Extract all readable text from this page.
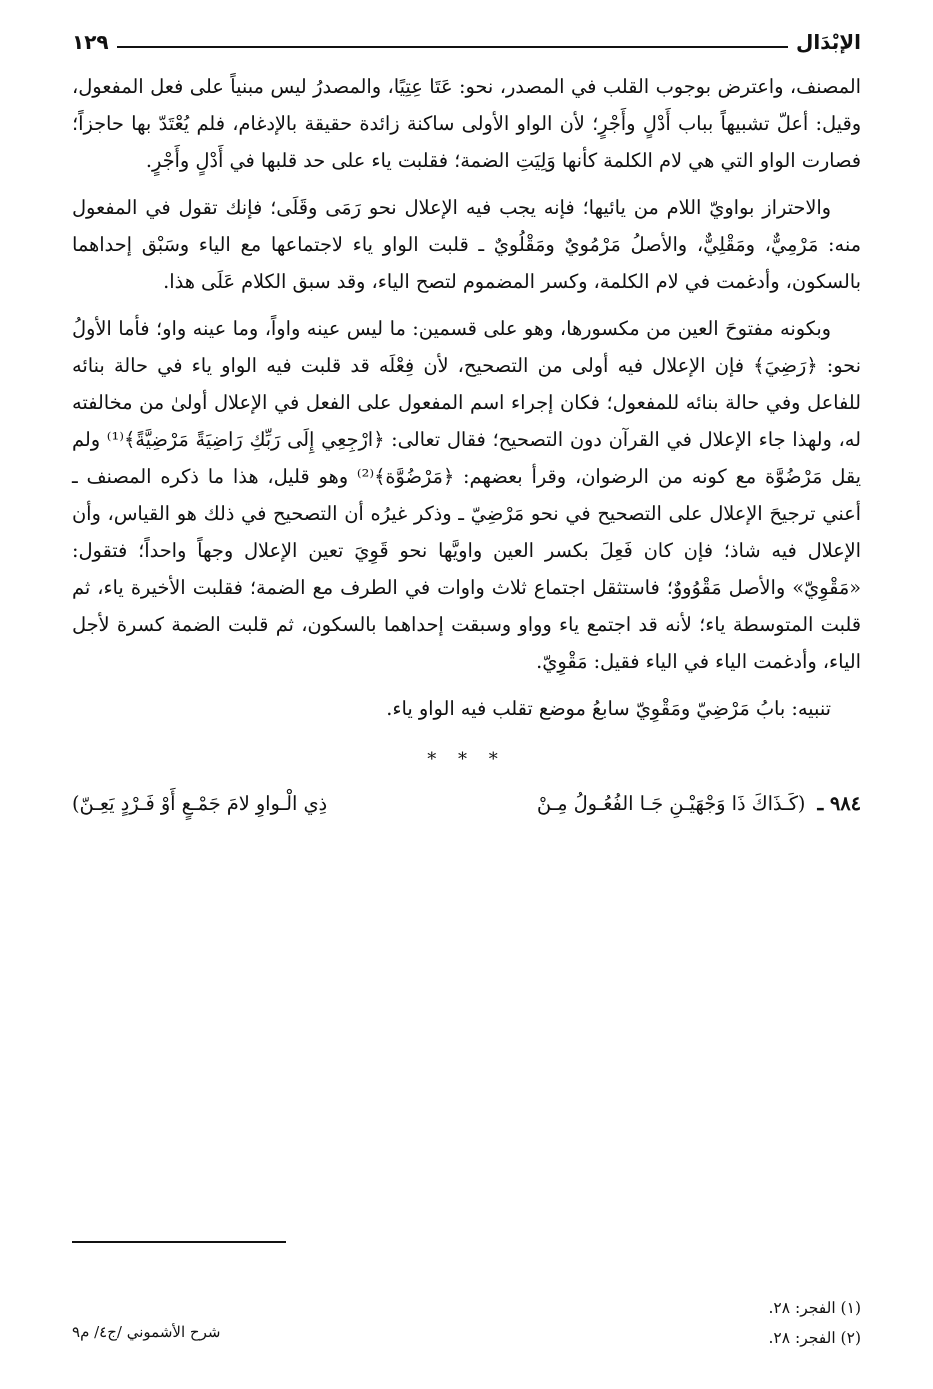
الإبْدَال
١٢٩

المصنف، واعترض بوجوب القلب في المصدر، نحو: عَتَا عِتِيًا، والمصدرُ ليس مبنياً على فعل المفعول، وقيل: أعلّ تشبيهاً بباب أَدْلٍ وأَجْرٍ؛ لأن الواو الأولى ساكنة زائدة حقيقة بالإدغام، فلم يُعْتَدّ بها حاجزاً؛ فصارت الواو التي هي لام الكلمة كأنها وَلِيَتِ الضمة؛ فقلبت ياء على حد قلبها في أَدْلٍ وأَجْرٍ.

والاحتراز بواويّ اللام من يائيها؛ فإنه يجب فيه الإعلال نحو رَمَى وقَلَى؛ فإنك تقول في المفعول منه: مَرْمِيٌّ، ومَقْلِيٌّ، والأصلُ مَرْمُويٌ ومَقْلُويٌ ـ قلبت الواو ياء لاجتماعها مع الياء وسَبْق إحداهما بالسكون، وأدغمت في لام الكلمة، وكسر المضموم لتصح الياء، وقد سبق الكلام عَلَى هذا.

وبكونه مفتوحَ العين من مكسورها، وهو على قسمين: ما ليس عينه واواً، وما عينه واو؛ فأما الأولُ نحو: ﴿رَضِيَ﴾ فإن الإعلال فيه أولى من التصحيح، لأن فِعْلَه قد قلبت فيه الواو ياء في حالة بنائه للفاعل وفي حالة بنائه للمفعول؛ فكان إجراء اسم المفعول على الفعل في الإعلال أولىٰ من مخالفته له، ولهذا جاء الإعلال في القرآن دون التصحيح؛ فقال تعالى: ﴿ارْجِعِي إِلَى رَبِّكِ رَاضِيَةً مَرْضِيَّةً﴾⁽¹⁾ ولم يقل مَرْضُوَّة مع كونه من الرضوان، وقرأ بعضهم: ﴿مَرْضُوَّة﴾⁽²⁾ وهو قليل، هذا ما ذكره المصنف ـ أعني ترجيحَ الإعلال على التصحيح في نحو مَرْضِيّ ـ وذكر غيرُه أن التصحيح في ذلك هو القياس، وأن الإعلال فيه شاذ؛ فإن كان فَعِلَ بكسر العين واويَّها نحو قَوِيَ تعين الإعلال وجهاً واحداً؛ فتقول: «مَقْوِيّ» والأصل مَقْوُووٌ؛ فاستثقل اجتماع ثلاث واوات في الطرف مع الضمة؛ فقلبت الأخيرة ياء، ثم قلبت المتوسطة ياء؛ لأنه قد اجتمع ياء وواو وسبقت إحداهما بالسكون، ثم قلبت الضمة كسرة لأجل الياء، وأدغمت الياء في الياء فقيل: مَقْوِيّ.

تنبيه: بابُ مَرْضِيّ ومَقْوِيّ سابعُ موضع تقلب فيه الواو ياء.

* * *
٩٨٤ ـ (كَـذَاكَ ذَا وَجْهَيْـنِ جَـا الفُعُـولُ مِـنْ
ذِي الْـواوِ لامَ جَمْـعٍ أَوْ فَـرْدٍ يَعِـنّ)

(١) الفجر: ٢٨.

(٢) الفجر: ٢٨.

شرح الأشموني /ج٤/ م٩
